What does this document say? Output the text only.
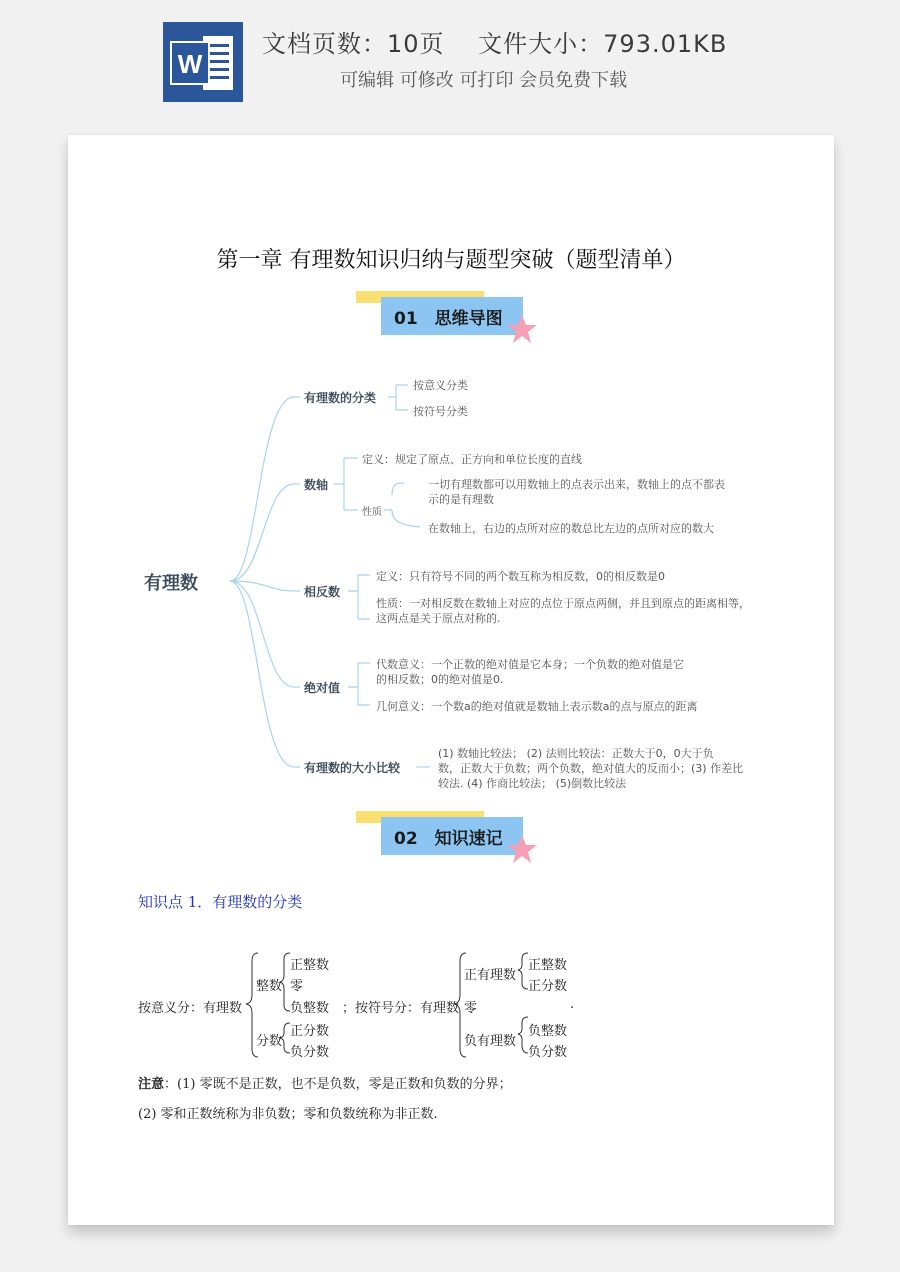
W
文档页数：10页　 文件大小：793.01KB
可编辑 可修改 可打印 会员免费下载
第一章 有理数知识归纳与题型突破（题型清单）
01　思维导图
有理数
有理数的分类
按意义分类
按符号分类
数轴
定义：规定了原点、正方向和单位长度的直线
性质
一切有理数都可以用数轴上的点表示出来，数轴上的点不都表
示的是有理数
在数轴上，右边的点所对应的数总比左边的点所对应的数大
相反数
定义：只有符号不同的两个数互称为相反数，0的相反数是0
性质：一对相反数在数轴上对应的点位于原点两侧，并且到原点的距离相等，
这两点是关于原点对称的.
绝对值
代数意义：一个正数的绝对值是它本身；一个负数的绝对值是它
的相反数；0的绝对值是0.
几何意义：一个数a的绝对值就是数轴上表示数a的点与原点的距离
有理数的大小比较
(1) 数轴比较法； (2) 法则比较法：正数大于0，0大于负
数，正数大于负数；两个负数，绝对值大的反而小；(3) 作差比
较法. (4) 作商比较法； (5)倒数比较法
02　知识速记
知识点 1．有理数的分类
按意义分：有理数
整数
正整数
零
负整数
分数
正分数
负分数
；按符号分：有理数
正有理数
正整数
正分数
零	.
负有理数
负整数
负分数
注意：(1) 零既不是正数，也不是负数，零是正数和负数的分界；
(2) 零和正数统称为非负数；零和负数统称为非正数.
